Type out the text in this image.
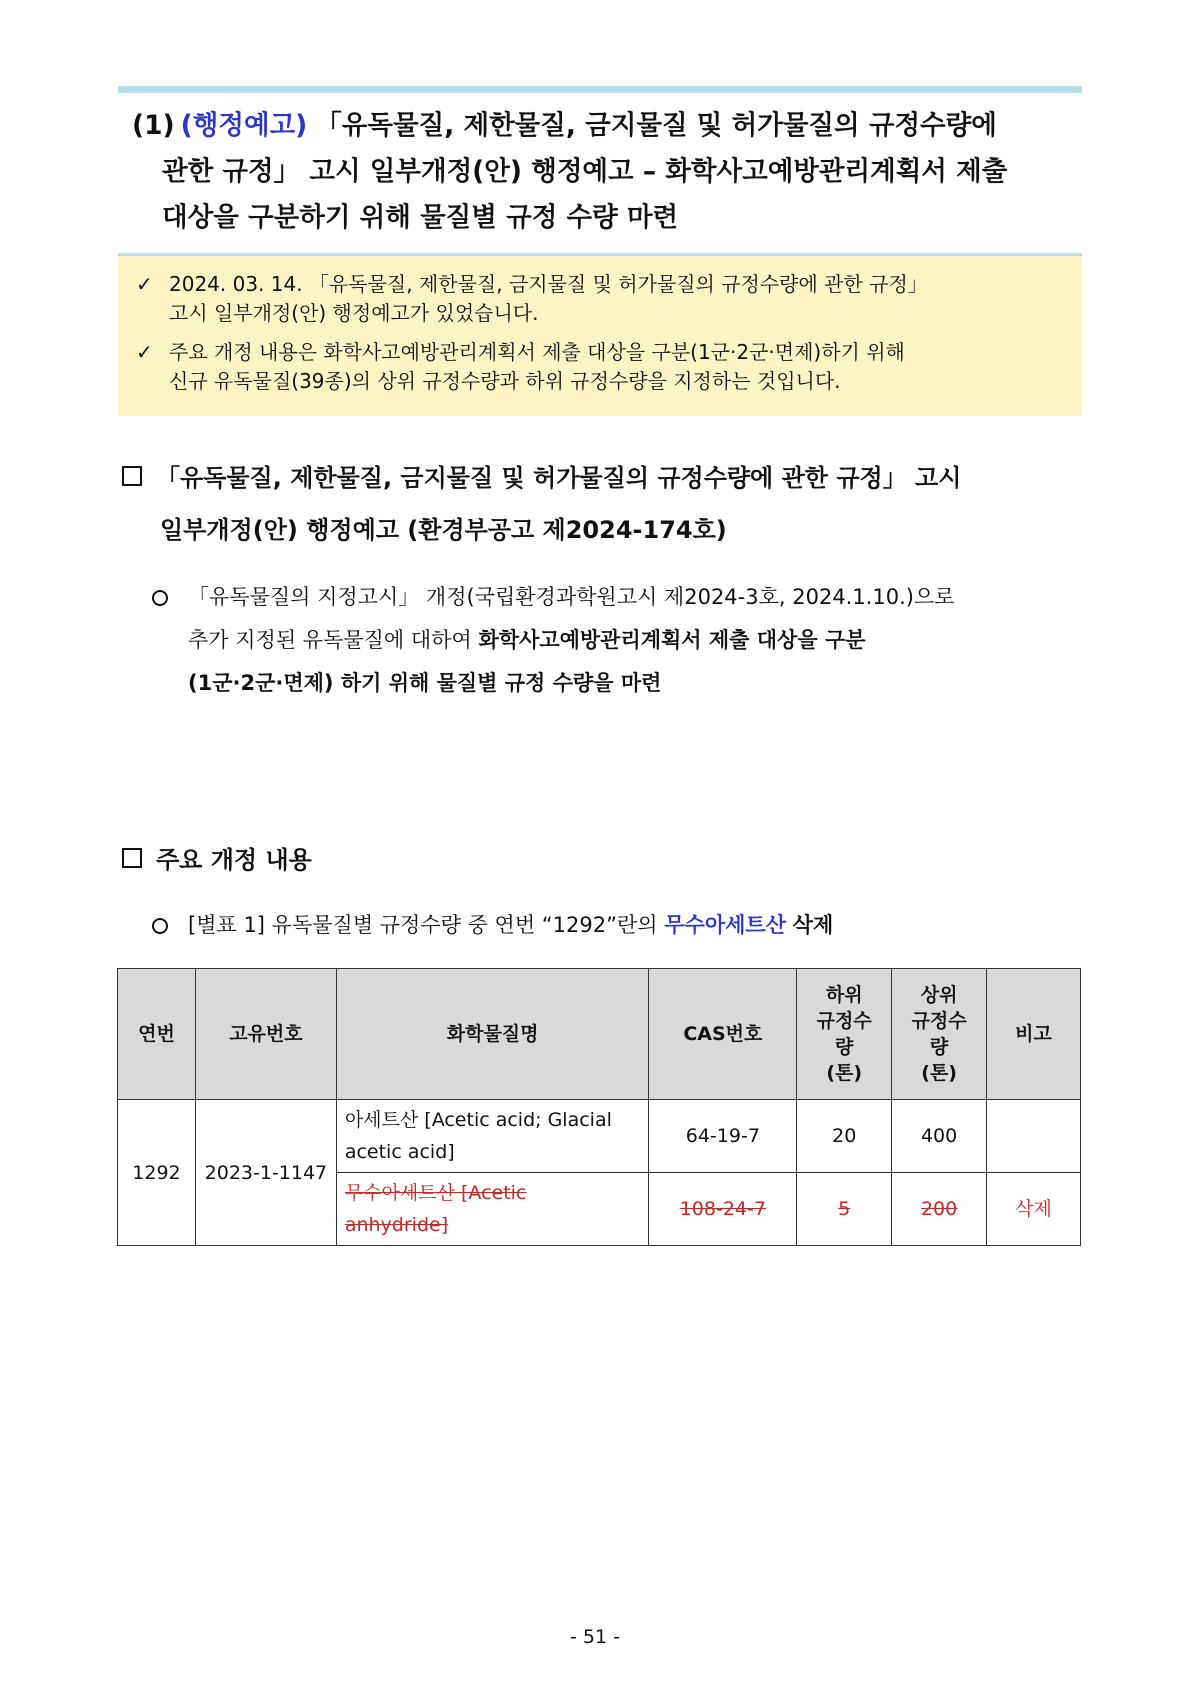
(1) (행정예고) 「유독물질, 제한물질, 금지물질 및 허가물질의 규정수량에
관한 규정」 고시 일부개정(안) 행정예고 – 화학사고예방관리계획서 제출
대상을 구분하기 위해 물질별 규정 수량 마련
✓ 2024. 03. 14. 「유독물질, 제한물질, 금지물질 및 허가물질의 규정수량에 관한 규정」
고시 일부개정(안) 행정예고가 있었습니다.
✓ 주요 개정 내용은 화학사고예방관리계획서 제출 대상을 구분(1군·2군·면제)하기 위해
신규 유독물질(39종)의 상위 규정수량과 하위 규정수량을 지정하는 것입니다.
「유독물질, 제한물질, 금지물질 및 허가물질의 규정수량에 관한 규정」 고시
일부개정(안) 행정예고 (환경부공고 제2024-174호)
「유독물질의 지정고시」 개정(국립환경과학원고시 제2024-3호, 2024.1.10.)으로
추가 지정된 유독물질에 대하여 화학사고예방관리계획서 제출 대상을 구분
(1군·2군·면제) 하기 위해 물질별 규정 수량을 마련
주요 개정 내용
[별표 1] 유독물질별 규정수량 중 연번 “1292”란의 무수아세트산 삭제
연번	고유번호	화학물질명	CAS번호	하위
규정수
량
(톤)	상위
규정수
량
(톤)	비고
1292	2023-1-1147	아세트산 [Acetic acid; Glacial
acetic acid]	64-19-7	20	400	
		무수아세트산 [Acetic
anhydride]	108-24-7	5	200	삭제
- 51 -
